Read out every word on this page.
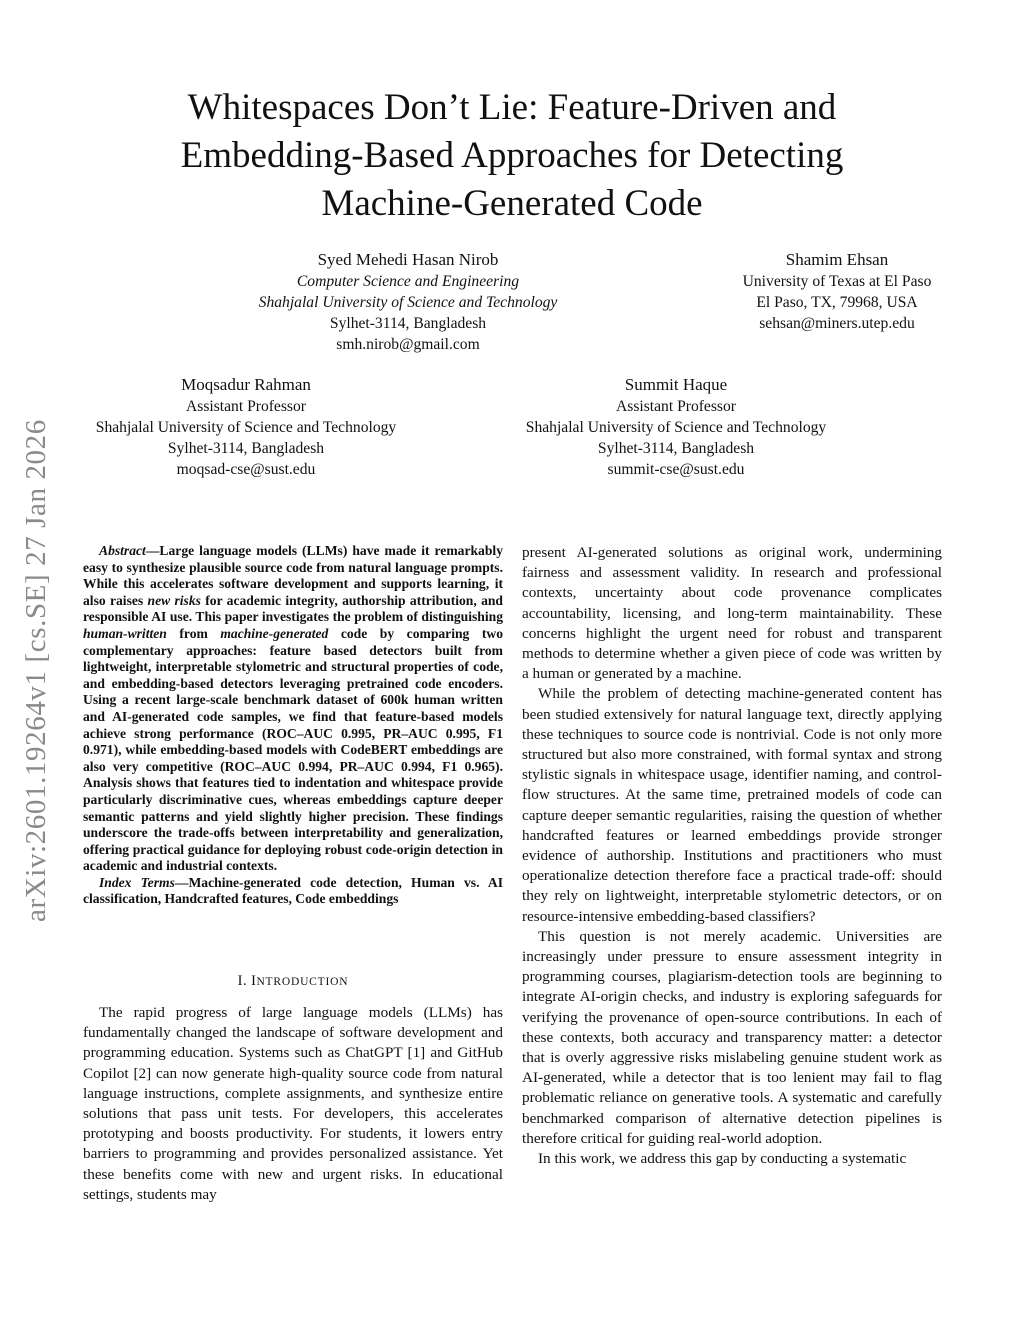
arXiv:2601.19264v1 [cs.SE] 27 Jan 2026
Whitespaces Don’t Lie: Feature-Driven and Embedding-Based Approaches for Detecting Machine-Generated Code
Syed Mehedi Hasan Nirob
Computer Science and Engineering
Shahjalal University of Science and Technology
Sylhet-3114, Bangladesh
smh.nirob@gmail.com
Shamim Ehsan
University of Texas at El Paso
El Paso, TX, 79968, USA
sehsan@miners.utep.edu
Moqsadur Rahman
Assistant Professor
Shahjalal University of Science and Technology
Sylhet-3114, Bangladesh
moqsad-cse@sust.edu
Summit Haque
Assistant Professor
Shahjalal University of Science and Technology
Sylhet-3114, Bangladesh
summit-cse@sust.edu

Abstract—Large language models (LLMs) have made it remarkably easy to synthesize plausible source code from natural language prompts. While this accelerates software development and supports learning, it also raises new risks for academic integrity, authorship attribution, and responsible AI use. This paper investigates the problem of distinguishing human-written from machine-generated code by comparing two complementary approaches: feature based detectors built from lightweight, interpretable stylometric and structural properties of code, and embedding-based detectors leveraging pretrained code encoders. Using a recent large-scale benchmark dataset of 600k human written and AI-generated code samples, we find that feature-based models achieve strong performance (ROC–AUC 0.995, PR–AUC 0.995, F1 0.971), while embedding-based models with CodeBERT embeddings are also very competitive (ROC–AUC 0.994, PR–AUC 0.994, F1 0.965). Analysis shows that features tied to indentation and whitespace provide particularly discriminative cues, whereas embeddings capture deeper semantic patterns and yield slightly higher precision. These findings underscore the trade-offs between interpretability and generalization, offering practical guidance for deploying robust code-origin detection in academic and industrial contexts.

Index Terms—Machine-generated code detection, Human vs. AI classification, Handcrafted features, Code embeddings

I. INTRODUCTION

The rapid progress of large language models (LLMs) has fundamentally changed the landscape of software development and programming education. Systems such as ChatGPT [1] and GitHub Copilot [2] can now generate high-quality source code from natural language instructions, complete assignments, and synthesize entire solutions that pass unit tests. For developers, this accelerates prototyping and boosts productivity. For students, it lowers entry barriers to programming and provides personalized assistance. Yet these benefits come with new and urgent risks. In educational settings, students may

present AI-generated solutions as original work, undermining fairness and assessment validity. In research and professional contexts, uncertainty about code provenance complicates accountability, licensing, and long-term maintainability. These concerns highlight the urgent need for robust and transparent methods to determine whether a given piece of code was written by a human or generated by a machine.

While the problem of detecting machine-generated content has been studied extensively for natural language text, directly applying these techniques to source code is nontrivial. Code is not only more structured but also more constrained, with formal syntax and strong stylistic signals in whitespace usage, identifier naming, and control-flow structures. At the same time, pretrained models of code can capture deeper semantic regularities, raising the question of whether handcrafted features or learned embeddings provide stronger evidence of authorship. Institutions and practitioners who must operationalize detection therefore face a practical trade-off: should they rely on lightweight, interpretable stylometric detectors, or on resource-intensive embedding-based classifiers?

This question is not merely academic. Universities are increasingly under pressure to ensure assessment integrity in programming courses, plagiarism-detection tools are beginning to integrate AI-origin checks, and industry is exploring safeguards for verifying the provenance of open-source contributions. In each of these contexts, both accuracy and transparency matter: a detector that is overly aggressive risks mislabeling genuine student work as AI-generated, while a detector that is too lenient may fail to flag problematic reliance on generative tools. A systematic and carefully benchmarked comparison of alternative detection pipelines is therefore critical for guiding real-world adoption.

In this work, we address this gap by conducting a systematic
